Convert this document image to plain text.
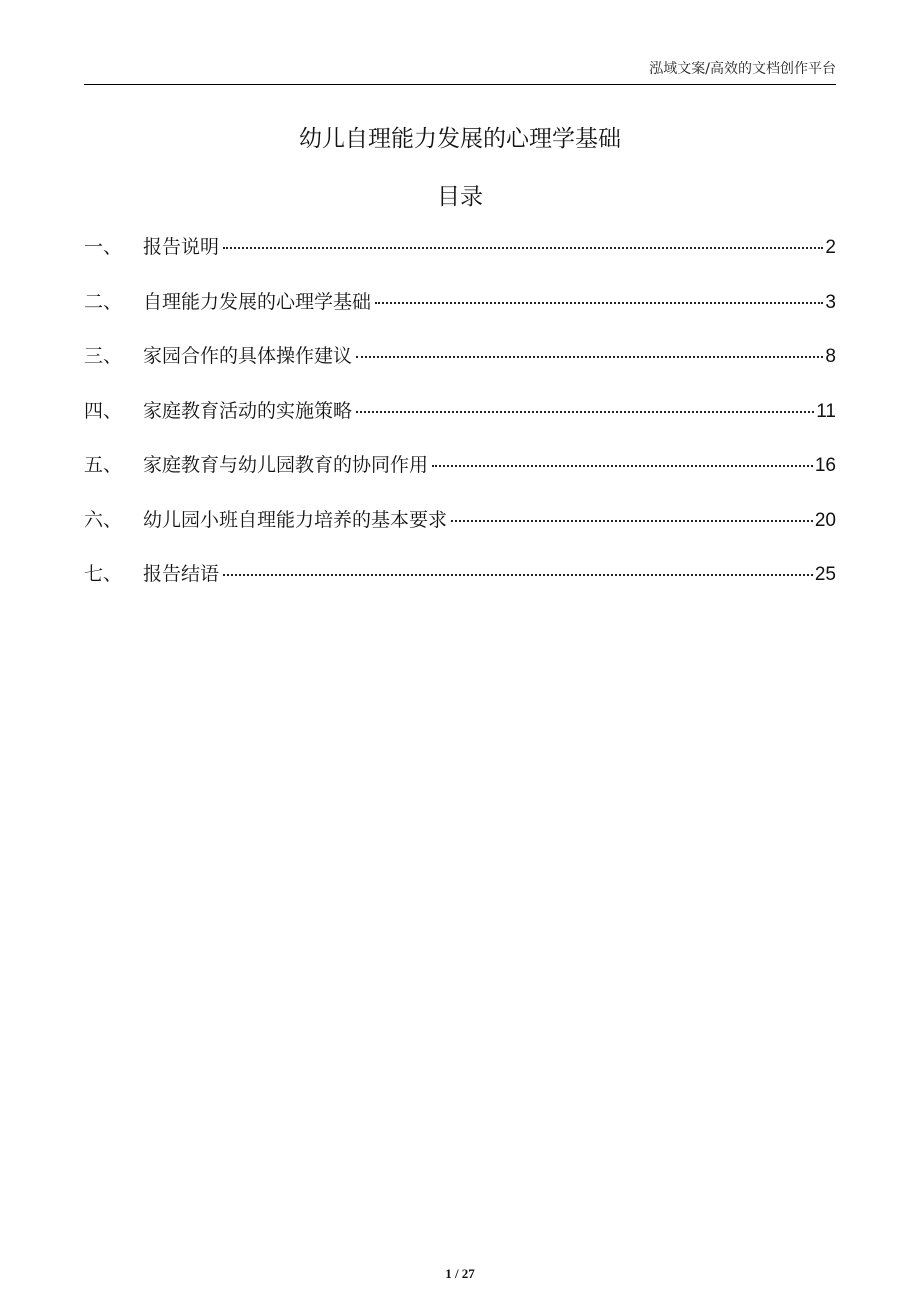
泓域文案/高效的文档创作平台
幼儿自理能力发展的心理学基础
目录
一、	报告说明	2
二、	自理能力发展的心理学基础	3
三、	家园合作的具体操作建议	8
四、	家庭教育活动的实施策略	11
五、	家庭教育与幼儿园教育的协同作用	16
六、	幼儿园小班自理能力培养的基本要求	20
七、	报告结语	25
1 / 27
